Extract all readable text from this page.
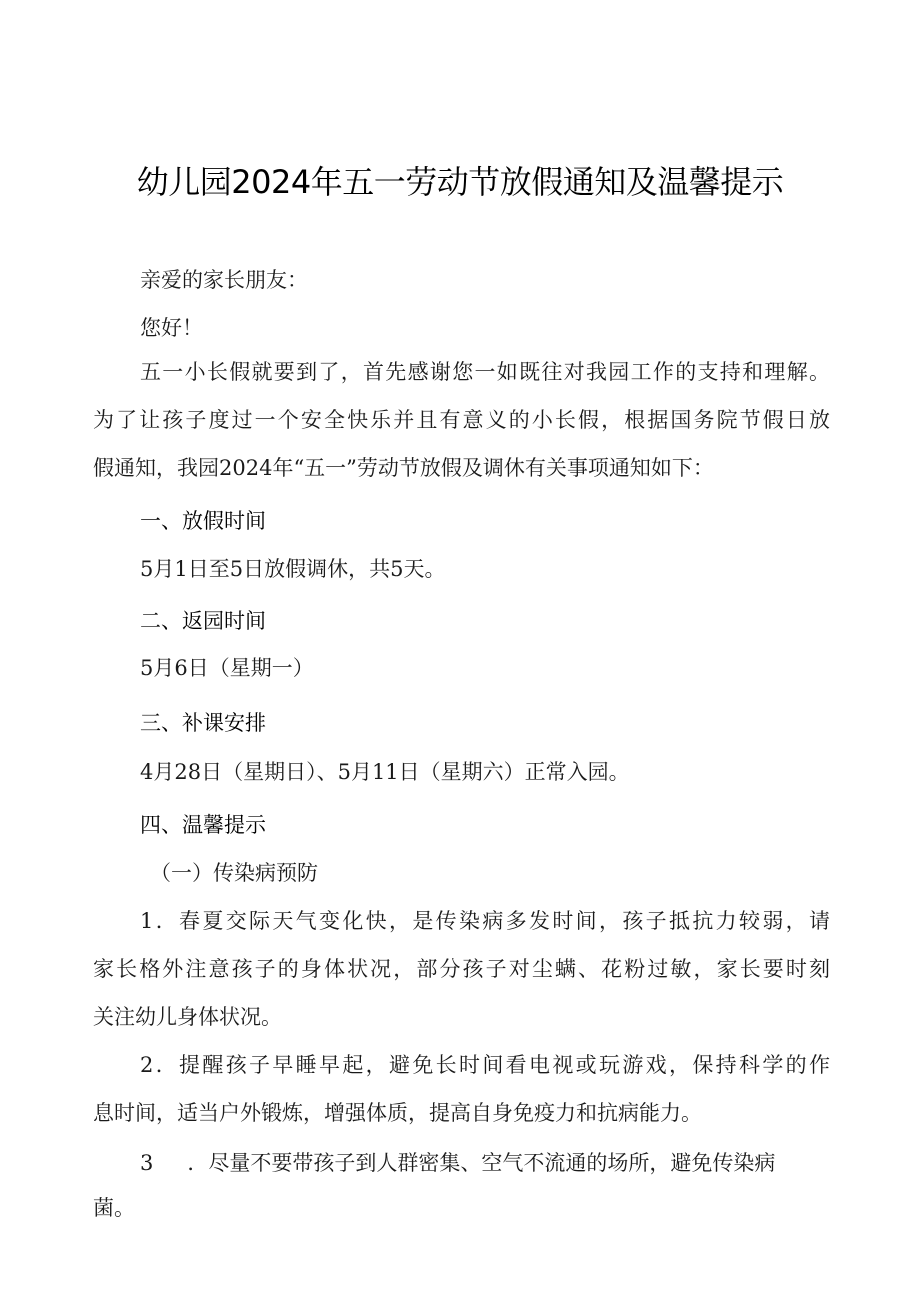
幼儿园2024年五一劳动节放假通知及温馨提示
亲爱的家长朋友：
您好！
五一小长假就要到了，首先感谢您一如既往对我园工作的支持和理解。
为了让孩子度过一个安全快乐并且有意义的小长假，根据国务院节假日放
假通知，我园2024年“五一”劳动节放假及调休有关事项通知如下：
一、放假时间
5月1日至5日放假调休，共5天。
二、返园时间
5月6日（星期一）
三、补课安排
4月28日（星期日）、5月11日（星期六）正常入园。
四、温馨提示
（一）传染病预防
1．春夏交际天气变化快，是传染病多发时间，孩子抵抗力较弱，请
家长格外注意孩子的身体状况，部分孩子对尘螨、花粉过敏，家长要时刻
关注幼儿身体状况。
2．提醒孩子早睡早起，避免长时间看电视或玩游戏，保持科学的作
息时间，适当户外锻炼，增强体质，提高自身免疫力和抗病能力。
3 ．尽量不要带孩子到人群密集、空气不流通的场所，避免传染病
菌。
